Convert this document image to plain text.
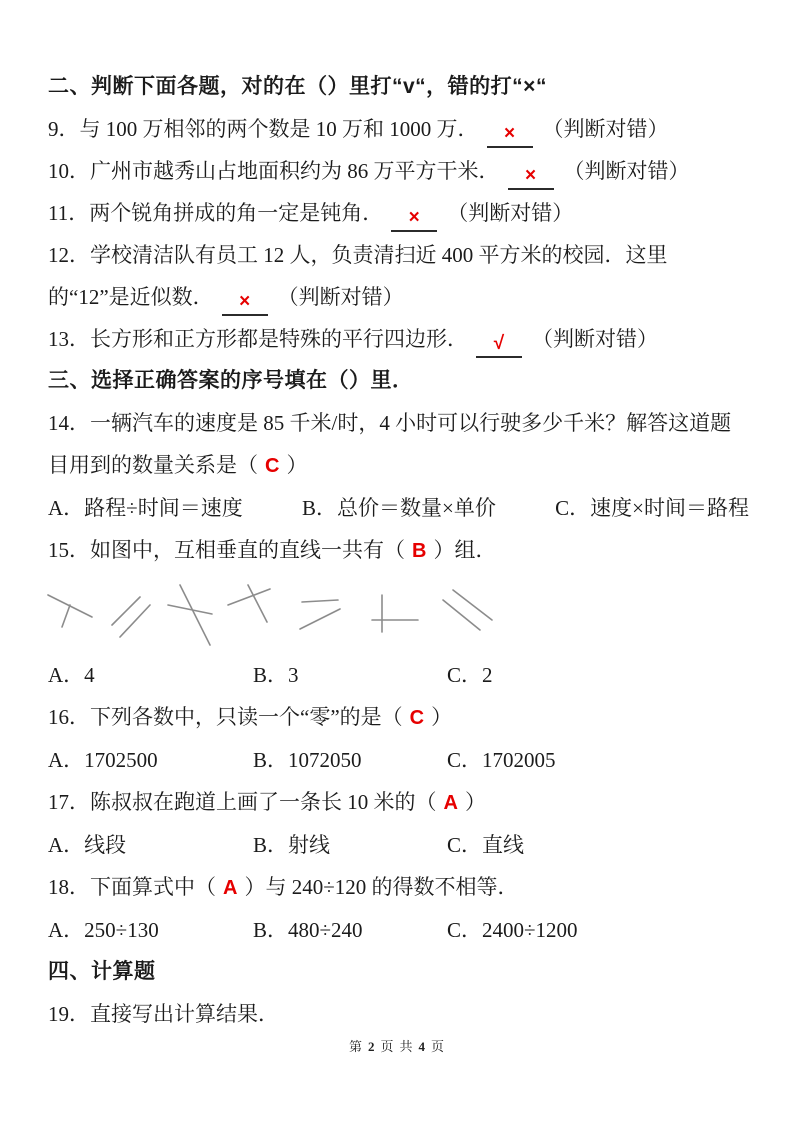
二、判断下面各题，对的在（）里打“v“，错的打“×“

9．与 100 万相邻的两个数是 10 万和 1000 万． × （判断对错）

10．广州市越秀山占地面积约为 86 万平方干米． × （判断对错）

11．两个锐角拼成的角一定是钝角． × （判断对错）

12．学校清洁队有员工 12 人，负责清扫近 400 平方米的校园．这里的“12”是近似数． × （判断对错）

13．长方形和正方形都是特殊的平行四边形． √ （判断对错）

三、选择正确答案的序号填在（）里．

14．一辆汽车的速度是 85 千米/时，4 小时可以行驶多少千米？解答这道题目用到的数量关系是（ C ）

A．路程÷时间＝速度	B．总价＝数量×单价	C．速度×时间＝路程

15．如图中，互相垂直的直线一共有（ B ）组．

A．4	B．3	C．2

16．下列各数中，只读一个“零”的是（ C ）

A．1702500	B．1072050	C．1702005

17．陈叔叔在跑道上画了一条长 10 米的（ A ）

A．线段	B．射线	C．直线

18．下面算式中（ A ）与 240÷120 的得数不相等．

A．250÷130	B．480÷240	C．2400÷1200

四、计算题

19．直接写出计算结果．

第 2 页 共 4 页
